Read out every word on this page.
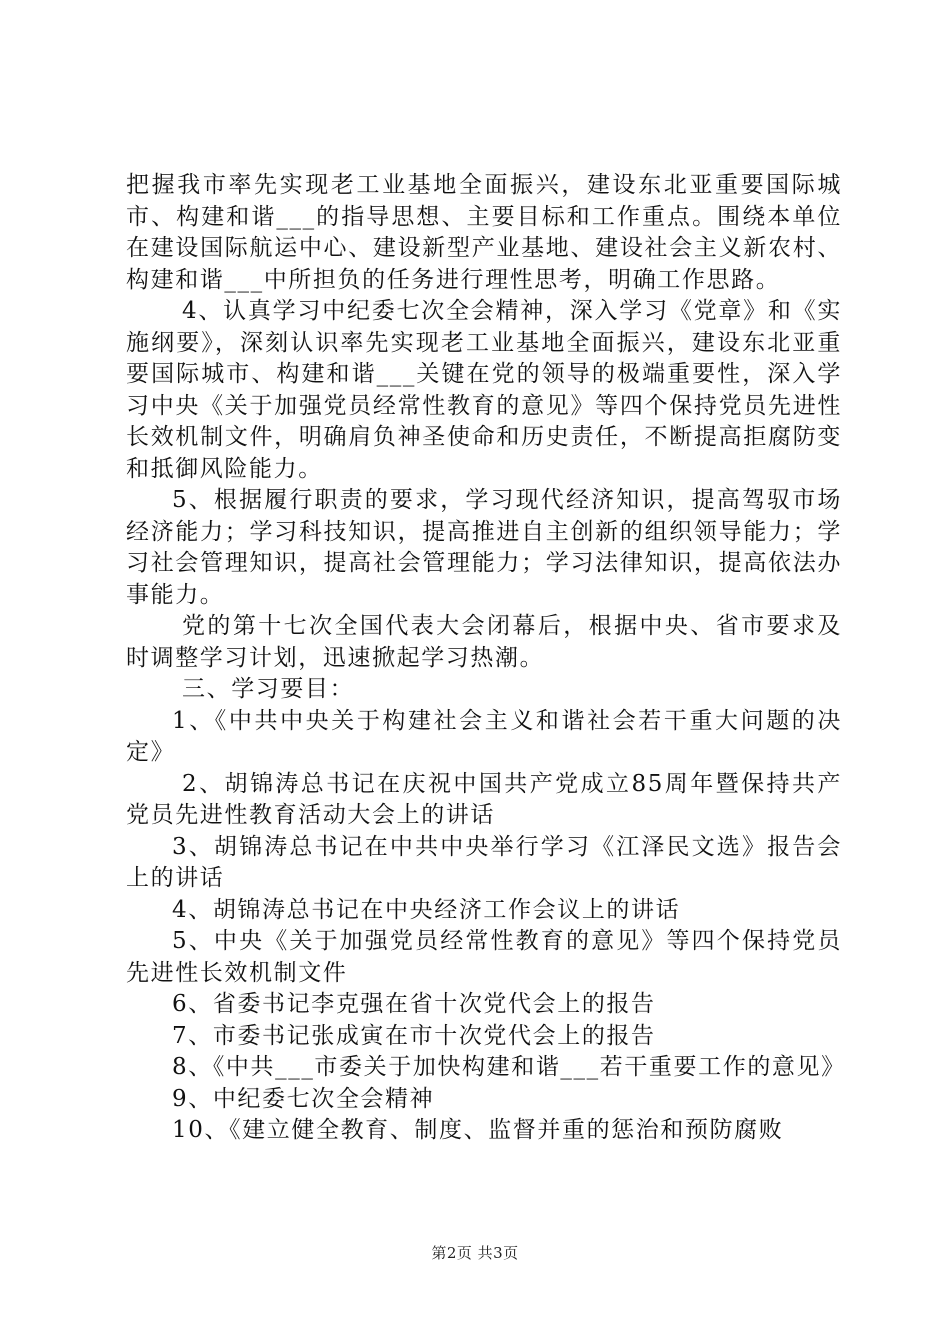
把握我市率先实现老工业基地全面振兴，建设东北亚重要国际城市、构建和谐___的指导思想、主要目标和工作重点。围绕本单位在建设国际航运中心、建设新型产业基地、建设社会主义新农村、构建和谐___中所担负的任务进行理性思考，明确工作思路。

4、认真学习中纪委七次全会精神，深入学习《党章》和《实施纲要》，深刻认识率先实现老工业基地全面振兴，建设东北亚重要国际城市、构建和谐___关键在党的领导的极端重要性，深入学习中央《关于加强党员经常性教育的意见》等四个保持党员先进性长效机制文件，明确肩负神圣使命和历史责任，不断提高拒腐防变和抵御风险能力。

5、根据履行职责的要求，学习现代经济知识，提高驾驭市场经济能力；学习科技知识，提高推进自主创新的组织领导能力；学习社会管理知识，提高社会管理能力；学习法律知识，提高依法办事能力。

党的第十七次全国代表大会闭幕后，根据中央、省市要求及时调整学习计划，迅速掀起学习热潮。

三、学习要目：

1、《中共中央关于构建社会主义和谐社会若干重大问题的决定》

2、胡锦涛总书记在庆祝中国共产党成立85周年暨保持共产党员先进性教育活动大会上的讲话

3、胡锦涛总书记在中共中央举行学习《江泽民文选》报告会上的讲话

4、胡锦涛总书记在中央经济工作会议上的讲话

5、中央《关于加强党员经常性教育的意见》等四个保持党员先进性长效机制文件

6、省委书记李克强在省十次党代会上的报告

7、市委书记张成寅在市十次党代会上的报告

8、《中共___市委关于加快构建和谐___若干重要工作的意见》

9、中纪委七次全会精神

10、《建立健全教育、制度、监督并重的惩治和预防腐败

第2页 共3页
